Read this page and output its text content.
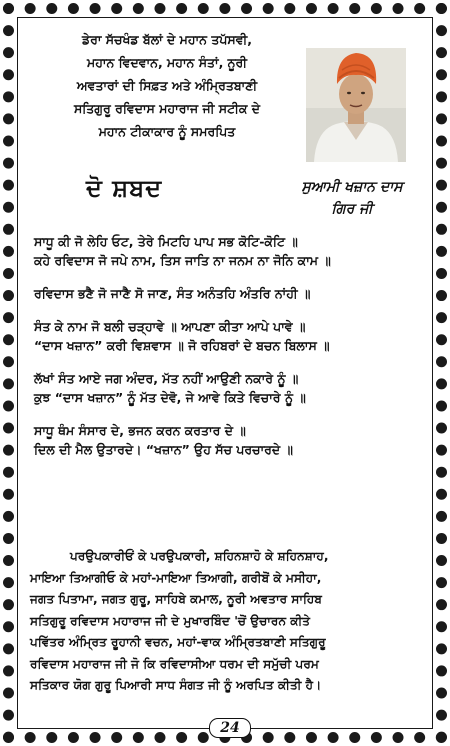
ਡੇਰਾ ਸੱਚਖੰਡ ਬੱਲਾਂ ਦੇ ਮਹਾਨ ਤਪੱਸਵੀ,
ਮਹਾਨ ਵਿਦਵਾਨ, ਮਹਾਨ ਸੰਤਾਂ, ਨੂਰੀ
ਅਵਤਾਰਾਂ ਦੀ ਸਿਫ਼ਤ ਅਤੇ ਅੰਮ੍ਰਿਤਬਾਣੀ
ਸਤਿਗੁਰੂ ਰਵਿਦਾਸ ਮਹਾਰਾਜ ਜੀ ਸਟੀਕ ਦੇ
ਮਹਾਨ ਟੀਕਾਕਾਰ ਨੂੰ ਸਮਰਪਿਤ
ਦੋ ਸ਼ਬਦ	ਸੁਆਮੀ ਖਜ਼ਾਨ ਦਾਸ
ਗਿਰ ਜੀ
ਸਾਧੂ ਕੀ ਜੋ ਲੇਹਿ ਓਟ, ਤੇਰੇ ਮਿਟਹਿ ਪਾਪ ਸਭ ਕੋਟਿ-ਕੋਟਿ ॥
ਕਹੇ ਰਵਿਦਾਸ ਜੋ ਜਪੇ ਨਾਮ, ਤਿਸ ਜਾਤਿ ਨਾ ਜਨਮ ਨਾ ਜੋਨਿ ਕਾਮ ॥
ਰਵਿਦਾਸ ਭਣੈ ਜੋ ਜਾਣੈ ਸੋ ਜਾਣ, ਸੰਤ ਅਨੰਤਹਿ ਅੰਤਰਿ ਨਾਂਹੀ ॥
ਸੰਤ ਕੇ ਨਾਮ ਜੋ ਬਲੀ ਚੜ੍ਹਾਵੇ ॥ ਆਪਣਾ ਕੀਤਾ ਆਪੇ ਪਾਵੇ ॥
“ਦਾਸ ਖਜ਼ਾਨ” ਕਰੀ ਵਿਸ਼ਵਾਸ ॥ ਜੋ ਰਹਿਬਰਾਂ ਦੇ ਬਚਨ ਬਿਲਾਸ ॥
ਲੱਖਾਂ ਸੰਤ ਆਏ ਜਗ ਅੰਦਰ, ਮੱਤ ਨਹੀਂ ਆਉਣੀ ਨਕਾਰੇ ਨੂੰ ॥
ਕੁਝ “ਦਾਸ ਖਜ਼ਾਨ” ਨੂੰ ਮੱਤ ਦੇਵੋ, ਜੇ ਆਵੇ ਕਿਤੇ ਵਿਚਾਰੇ ਨੂੰ ॥
ਸਾਧੂ ਥੰਮ ਸੰਸਾਰ ਦੇ, ਭਜਨ ਕਰਨ ਕਰਤਾਰ ਦੇ ॥
ਦਿਲ ਦੀ ਮੈਲ ਉਤਾਰਦੇ। “ਖਜ਼ਾਨ” ਉਹ ਸੱਚ ਪਰਚਾਰਦੇ ॥
ਪਰਉਪਕਾਰੀਓਂ ਕੇ ਪਰਉਪਕਾਰੀ, ਸ਼ਹਿਨਸ਼ਾਹੋ ਕੇ ਸ਼ਹਿਨਸ਼ਾਹ,
ਮਾਇਆ ਤਿਆਗੀਓ ਕੇ ਮਹਾਂ-ਮਾਇਆ ਤਿਆਗੀ, ਗਰੀਬੋਂ ਕੇ ਮਸੀਹਾ,
ਜਗਤ ਪਿਤਾਮਾ, ਜਗਤ ਗੁਰੂ, ਸਾਹਿਬੇ ਕਮਾਲ, ਨੂਰੀ ਅਵਤਾਰ ਸਾਹਿਬ
ਸਤਿਗੁਰੂ ਰਵਿਦਾਸ ਮਹਾਰਾਜ ਜੀ ਦੇ ਮੁਖਾਰਬਿੰਦ 'ਚੋਂ ਉਚਾਰਨ ਕੀਤੇ
ਪਵਿੱਤਰ ਅੰਮ੍ਰਿਤ ਰੂਹਾਨੀ ਵਚਨ, ਮਹਾਂ-ਵਾਕ ਅੰਮ੍ਰਿਤਬਾਣੀ ਸਤਿਗੁਰੂ
ਰਵਿਦਾਸ ਮਹਾਰਾਜ ਜੀ ਜੋ ਕਿ ਰਵਿਦਾਸੀਆ ਧਰਮ ਦੀ ਸਮੁੱਚੀ ਪਰਮ
ਸਤਿਕਾਰ ਯੋਗ ਗੁਰੂ ਪਿਆਰੀ ਸਾਧ ਸੰਗਤ ਜੀ ਨੂੰ ਅਰਪਿਤ ਕੀਤੀ ਹੈ।
24
